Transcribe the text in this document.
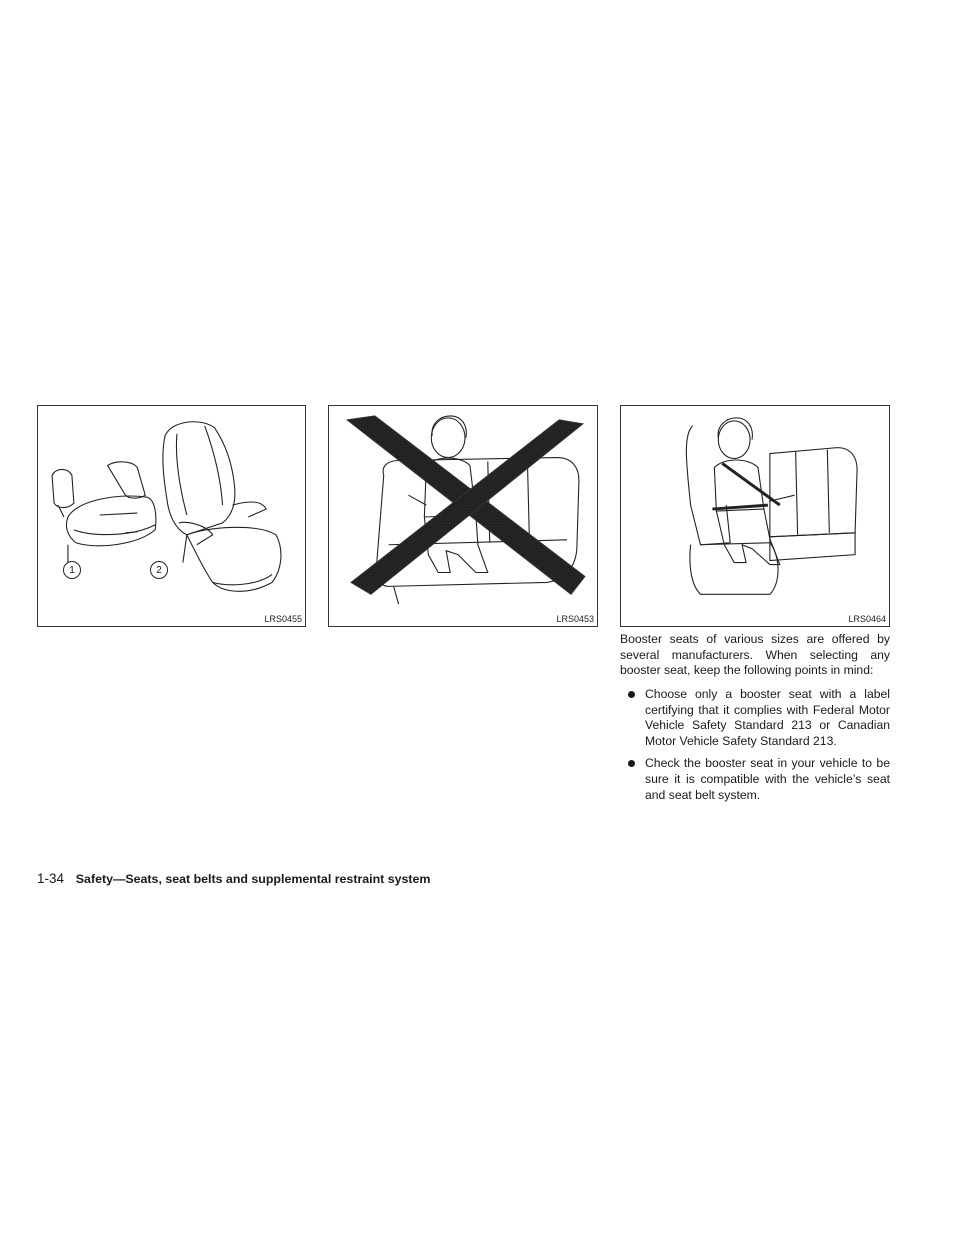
1	2
LRS0455	LRS0453	LRS0464

Booster seats of various sizes are offered by several manufacturers. When selecting any booster seat, keep the following points in mind:

Choose only a booster seat with a label certifying that it complies with Federal Motor Vehicle Safety Standard 213 or Canadian Motor Vehicle Safety Standard 213.
Check the booster seat in your vehicle to be sure it is compatible with the vehicle’s seat and seat belt system.
1-34 Safety—Seats, seat belts and supplemental restraint system
